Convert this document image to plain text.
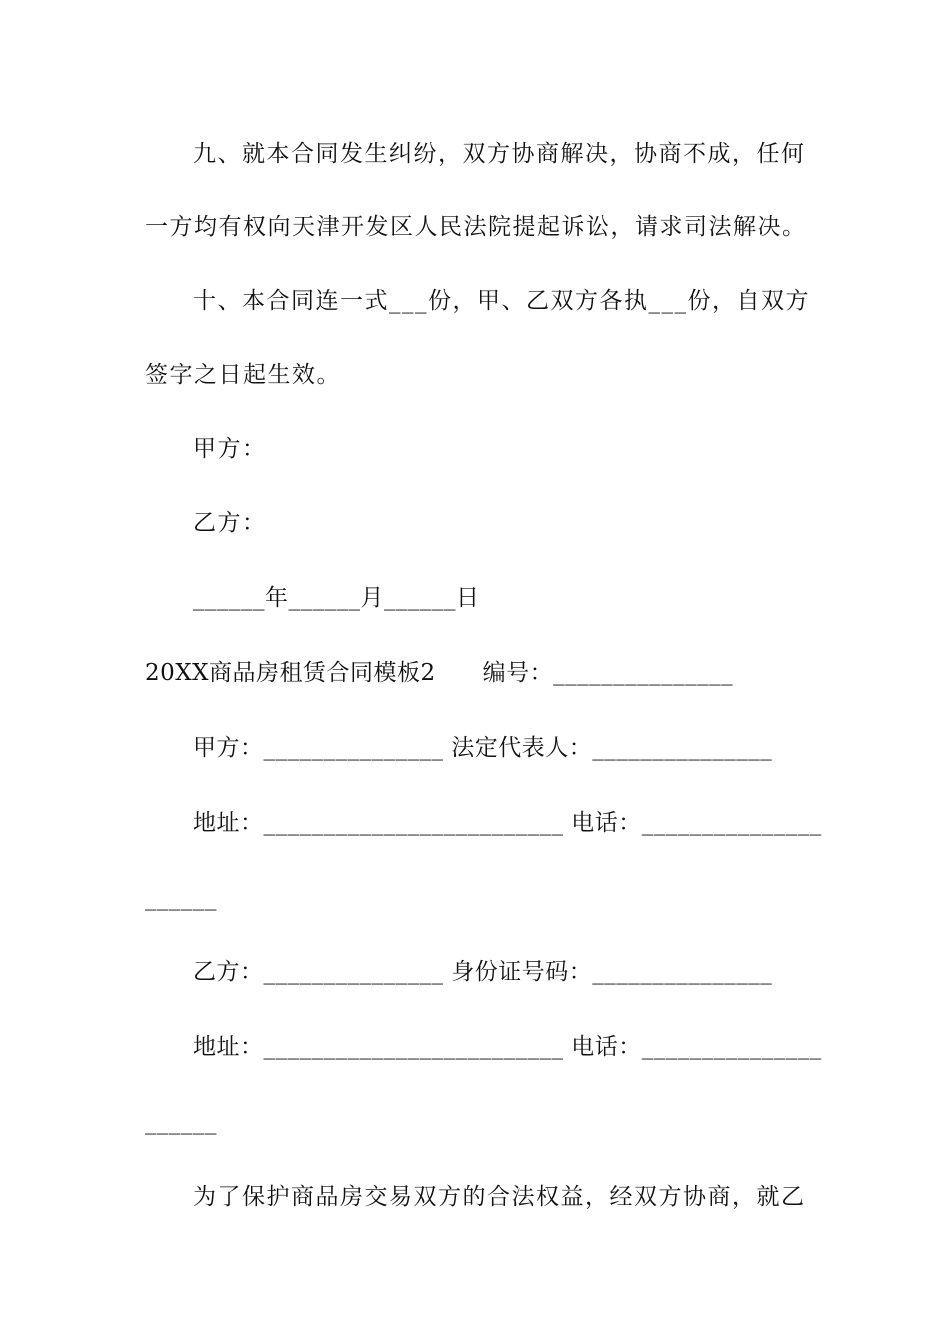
九、就本合同发生纠纷，双方协商解决，协商不成，任何
一方均有权向天津开发区人民法院提起诉讼，请求司法解决。
十、本合同连一式___份，甲、乙双方各执___份，自双方
签字之日起生效。
甲方：
乙方：
______年______月______日
20XX商品房租赁合同模板2　　编号：_______________
甲方：_______________ 法定代表人：_______________
地址：_________________________ 电话：_______________
______
乙方：_______________ 身份证号码：_______________
地址：_________________________ 电话：_______________
______
为了保护商品房交易双方的合法权益，经双方协商，就乙
